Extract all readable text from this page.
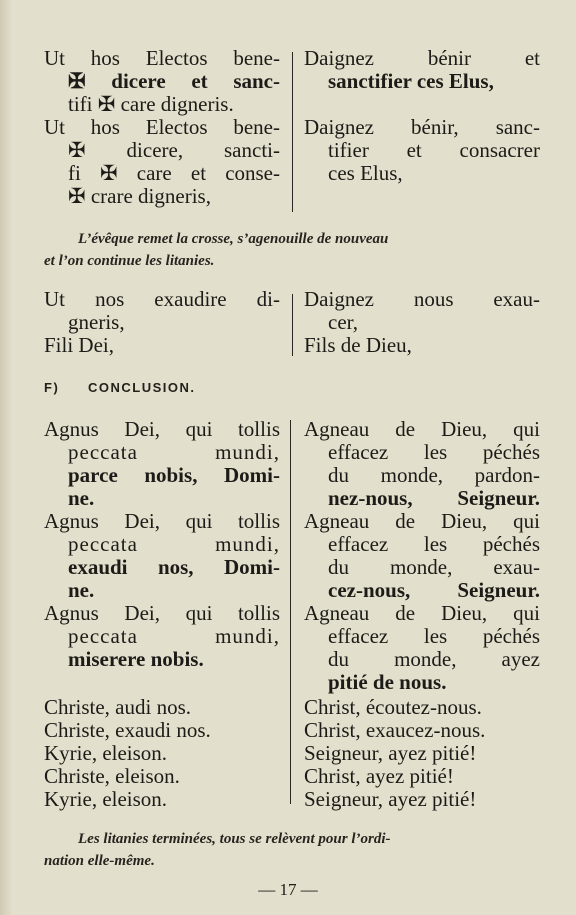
Ut hos Electos bene-
✠ dicere et sanc-
tifi ✠ care digneris.
Ut hos Electos bene-
✠ dicere, sancti-
fi ✠ care et conse-
✠ crare digneris,
Daignez bénir et
sanctifier ces Elus,

Daignez bénir, sanc-
tifier et consacrer
ces Elus,
L’évêque remet la crosse, s’agenouille de nouveau
et l’on continue les litanies.
Ut nos exaudire di-
gneris,
Fili Dei,
Daignez nous exau-
cer,
Fils de Dieu,
F) CONCLUSION.
Agnus Dei, qui tollis
peccata mundi,
parce nobis, Domi-
ne.
Agnus Dei, qui tollis
peccata mundi,
exaudi nos, Domi-
ne.
Agnus Dei, qui tollis
peccata mundi,
miserere nobis.
Agneau de Dieu, qui
effacez les péchés
du monde, pardon-
nez-nous, Seigneur.
Agneau de Dieu, qui
effacez les péchés
du monde, exau-
cez-nous, Seigneur.
Agneau de Dieu, qui
effacez les péchés
du monde, ayez
pitié de nous.
Christe, audi nos.
Christe, exaudi nos.
Kyrie, eleison.
Christe, eleison.
Kyrie, eleison.
Christ, écoutez-nous.
Christ, exaucez-nous.
Seigneur, ayez pitié!
Christ, ayez pitié!
Seigneur, ayez pitié!
Les litanies terminées, tous se relèvent pour l’ordi-
nation elle-même.
— 17 —
